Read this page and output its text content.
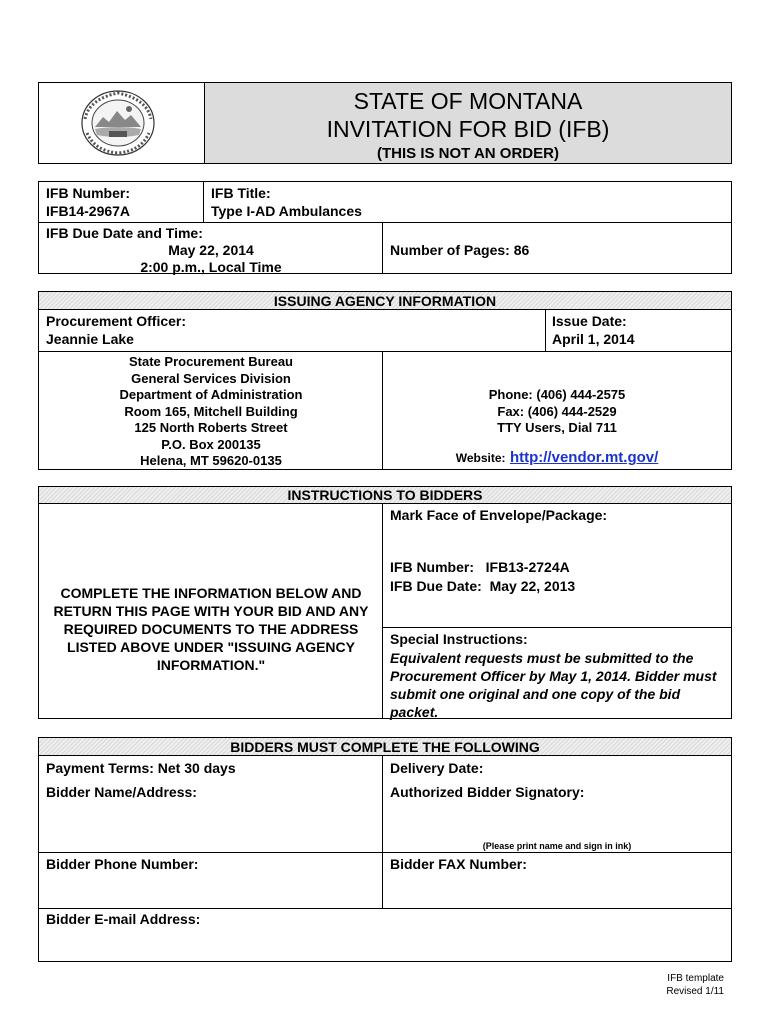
STATE OF MONTANA
INVITATION FOR BID (IFB)
(THIS IS NOT AN ORDER)
IFB Number:
IFB14-2967A
IFB Title:
Type I-AD Ambulances
IFB Due Date and Time:
May 22, 2014
2:00 p.m., Local Time
Number of Pages: 86
ISSUING AGENCY INFORMATION
Procurement Officer:
Jeannie Lake
Issue Date:
April 1, 2014
State Procurement Bureau
General Services Division
Department of Administration
Room 165, Mitchell Building
125 North Roberts Street
P.O. Box 200135
Helena, MT 59620-0135
Phone: (406) 444-2575
Fax: (406) 444-2529
TTY Users, Dial 711
Website: http://vendor.mt.gov/
INSTRUCTIONS TO BIDDERS
COMPLETE THE INFORMATION BELOW AND RETURN THIS PAGE WITH YOUR BID AND ANY REQUIRED DOCUMENTS TO THE ADDRESS LISTED ABOVE UNDER "ISSUING AGENCY INFORMATION."
Mark Face of Envelope/Package:
IFB Number:   IFB13-2724A
IFB Due Date:  May 22, 2013
Special Instructions:
Equivalent requests must be submitted to the Procurement Officer by May 1, 2014. Bidder must submit one original and one copy of the bid packet.
BIDDERS MUST COMPLETE THE FOLLOWING
Payment Terms: Net 30 days	Delivery Date:
Bidder Name/Address:	Authorized Bidder Signatory:
(Please print name and sign in ink)
Bidder Phone Number:	Bidder FAX Number:
Bidder E-mail Address:
IFB template
Revised 1/11
